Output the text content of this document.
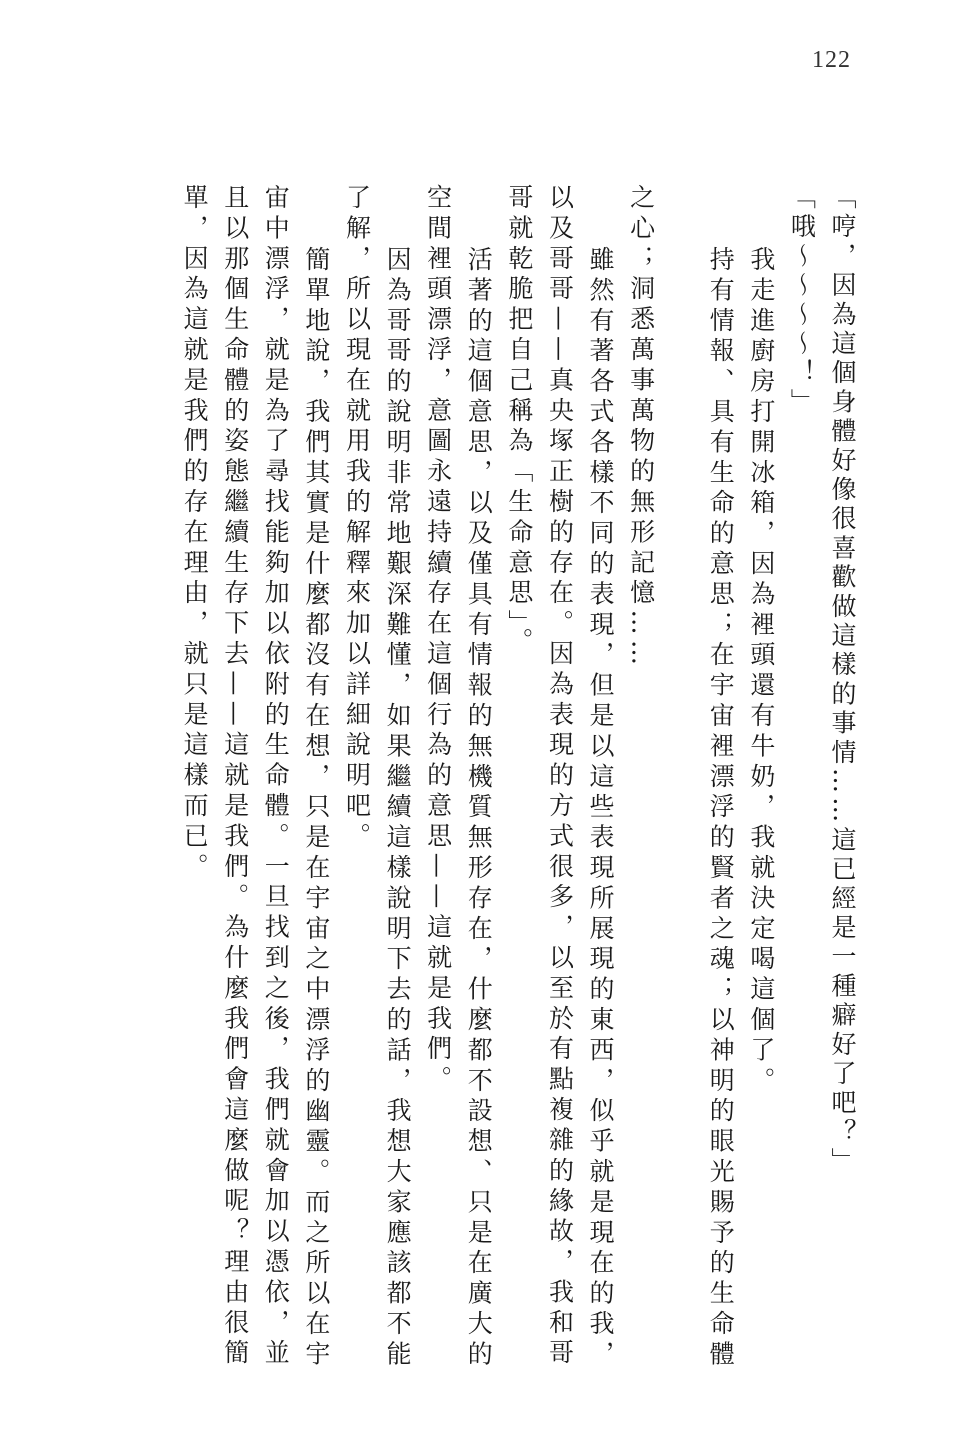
122
「哼，因為這個身體好像很喜歡做這樣的事情……這已經是一種癖好了吧？」
「哦～～～～！」
我走進廚房打開冰箱，因為裡頭還有牛奶，我就決定喝這個了。
持有情報、具有生命的意思；在宇宙裡漂浮的賢者之魂；以神明的眼光賜予的生命體
之心；洞悉萬事萬物的無形記憶……
雖然有著各式各樣不同的表現，但是以這些表現所展現的東西，似乎就是現在的我，
以及哥哥——真央塚正樹的存在。因為表現的方式很多，以至於有點複雜的緣故，我和哥
哥就乾脆把自己稱為「生命意思」。
活著的這個意思，以及僅具有情報的無機質無形存在，什麼都不設想、只是在廣大的
空間裡頭漂浮，意圖永遠持續存在這個行為的意思——這就是我們。
因為哥哥的說明非常地艱深難懂，如果繼續這樣說明下去的話，我想大家應該都不能
了解，所以現在就用我的解釋來加以詳細說明吧。
簡單地說，我們其實是什麼都沒有在想，只是在宇宙之中漂浮的幽靈。而之所以在宇
宙中漂浮，就是為了尋找能夠加以依附的生命體。一旦找到之後，我們就會加以憑依，並
且以那個生命體的姿態繼續生存下去——這就是我們。為什麼我們會這麼做呢？理由很簡
單，因為這就是我們的存在理由，就只是這樣而已。
